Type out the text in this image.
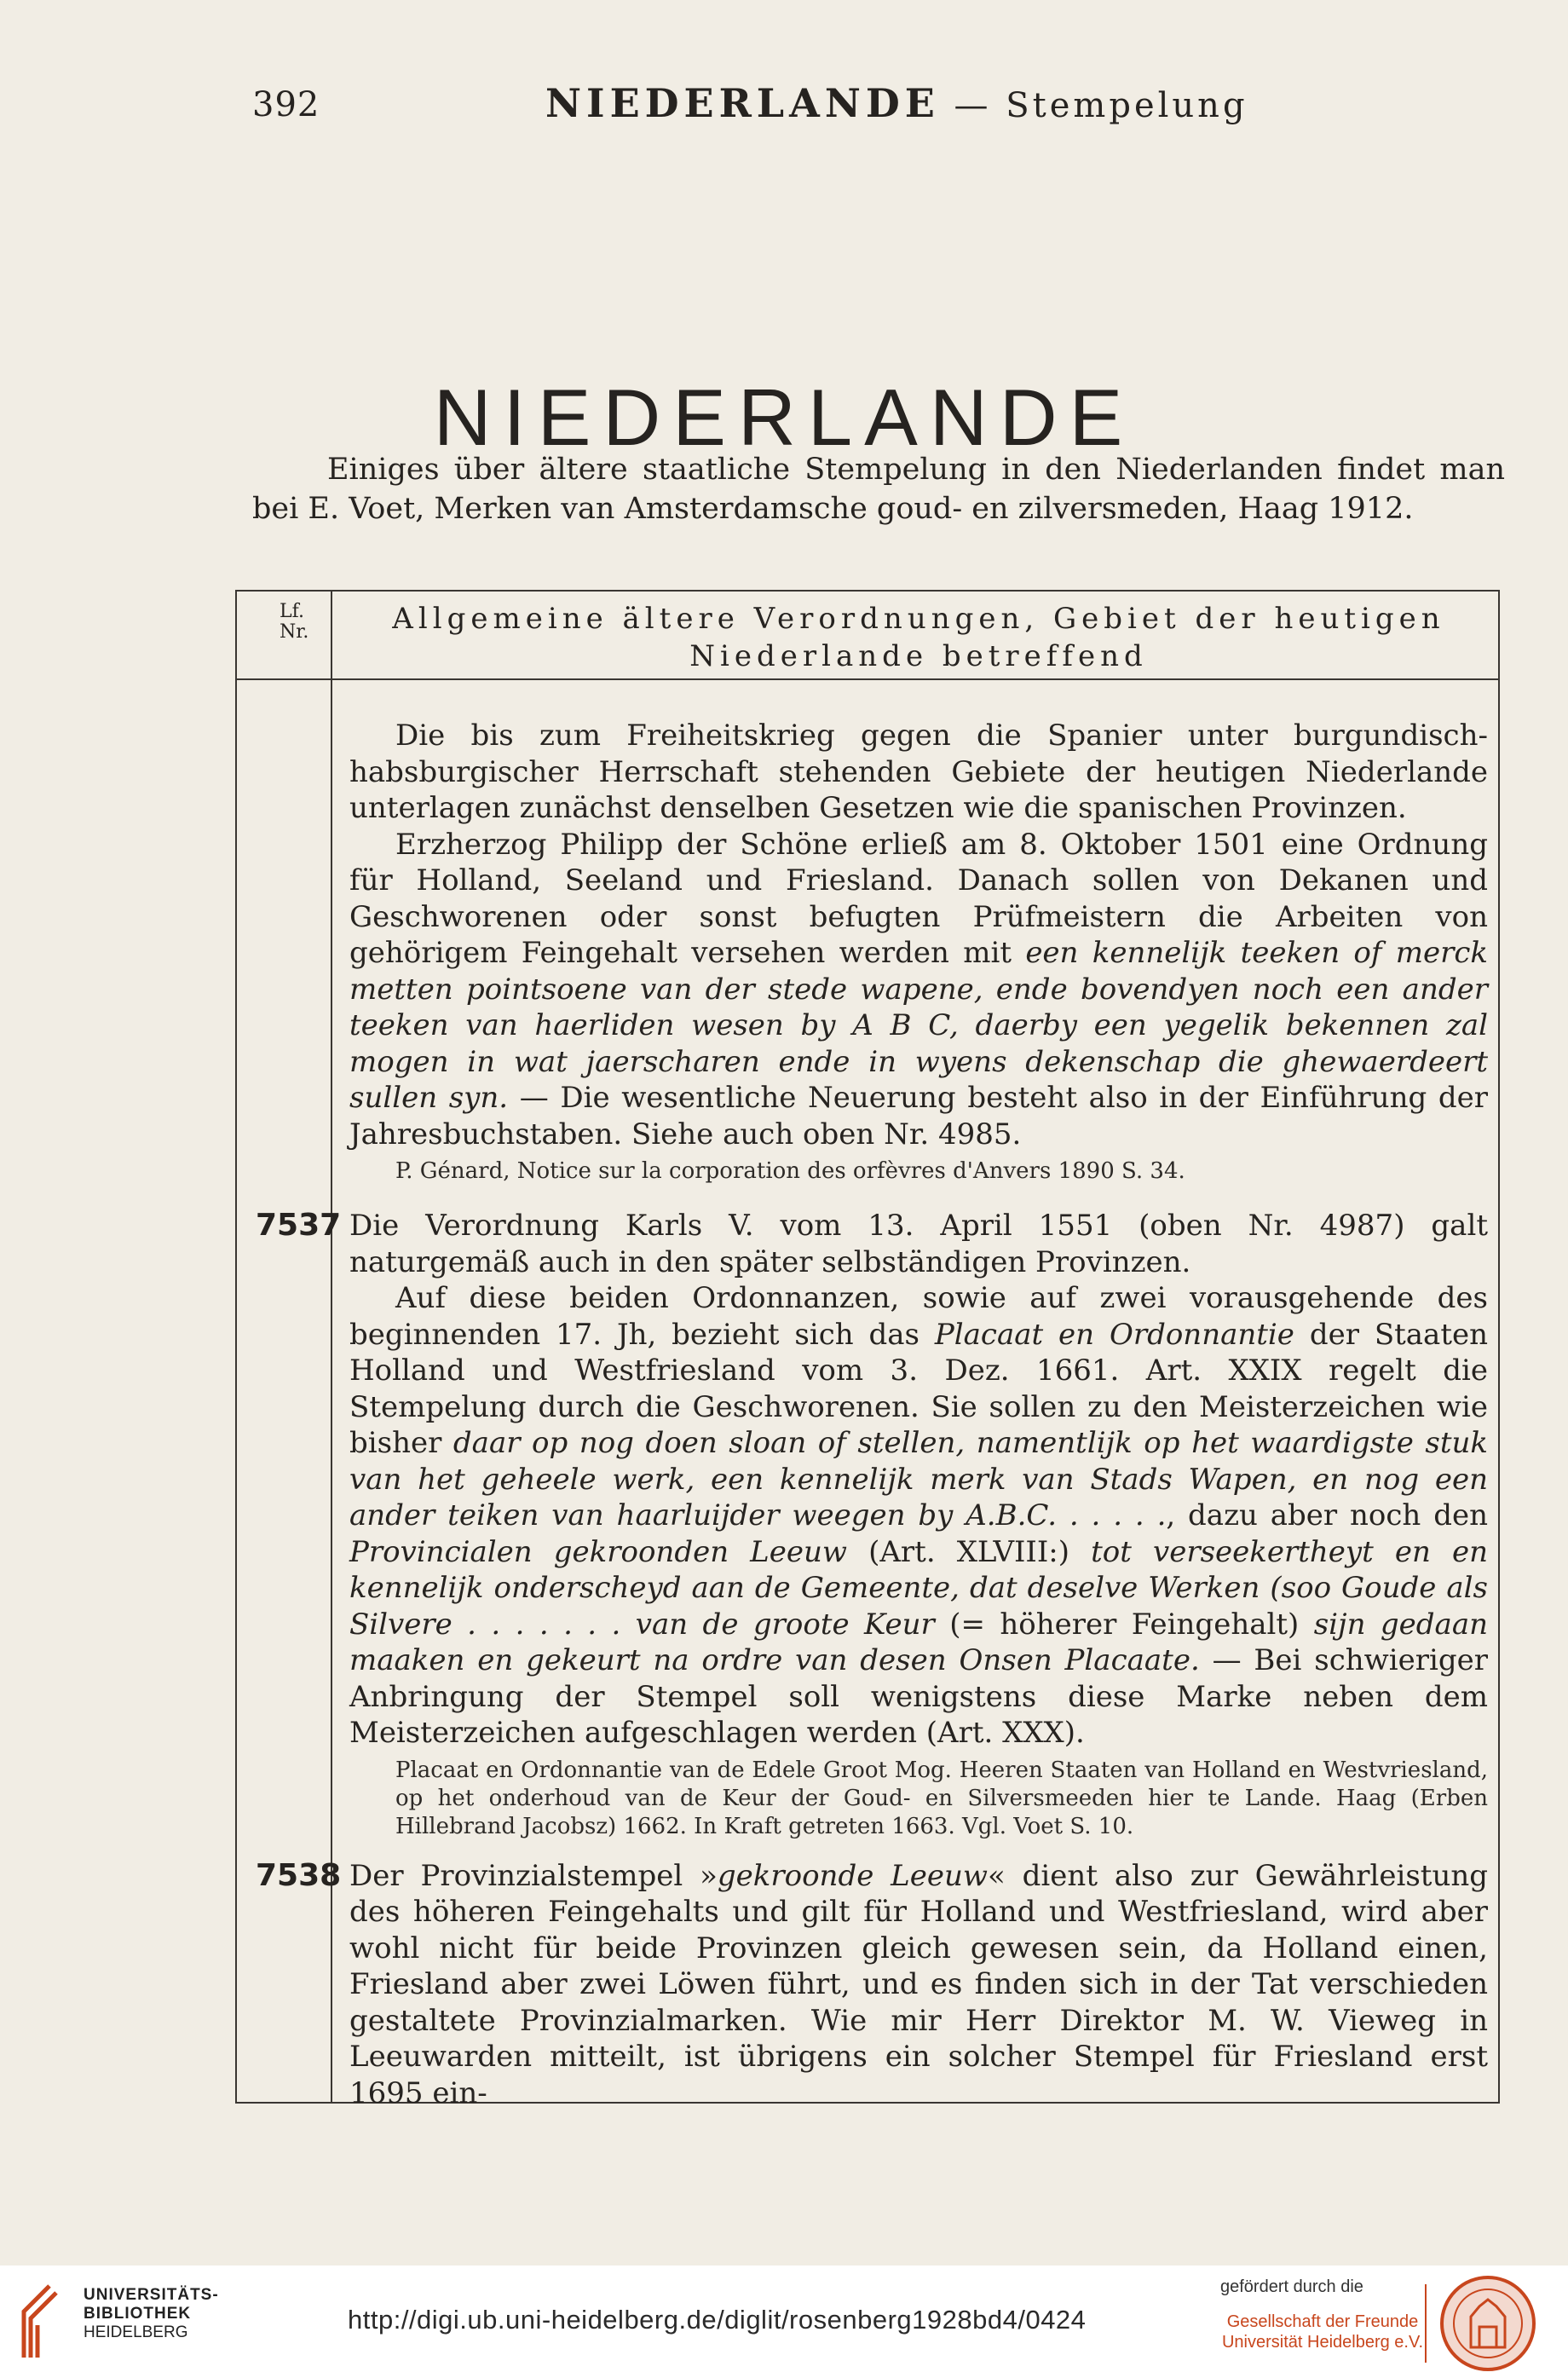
392	NIEDERLANDE — Stempelung
NIEDERLANDE

Einiges über ältere staatliche Stempelung in den Niederlanden findet man bei E. Voet, Merken van Amsterdamsche goud- en zilversmeden, Haag 1912.

Lf.
Nr.	Allgemeine ältere Verordnungen, Gebiet der heutigen
Niederlande betreffend

Die bis zum Freiheitskrieg gegen die Spanier unter burgundisch-habsburgischer Herrschaft stehenden Gebiete der heutigen Niederlande unterlagen zunächst denselben Gesetzen wie die spanischen Provinzen.

Erzherzog Philipp der Schöne erließ am 8. Oktober 1501 eine Ordnung für Holland, Seeland und Friesland. Danach sollen von Dekanen und Geschworenen oder sonst befugten Prüfmeistern die Arbeiten von gehörigem Feingehalt versehen werden mit een kennelijk teeken of merck metten pointsoene van der stede wapene, ende bovendyen noch een ander teeken van haerliden wesen by A B C, daerby een yegelik bekennen zal mogen in wat jaerscharen ende in wyens dekenschap die ghewaerdeert sullen syn. — Die wesentliche Neuerung besteht also in der Einführung der Jahresbuchstaben. Siehe auch oben Nr. 4985.

P. Génard, Notice sur la corporation des orfèvres d'Anvers 1890 S. 34.

7537 Die Verordnung Karls V. vom 13. April 1551 (oben Nr. 4987) galt naturgemäß auch in den später selbständigen Provinzen.

Auf diese beiden Ordonnanzen, sowie auf zwei vorausgehende des beginnenden 17. Jh, bezieht sich das Placaat en Ordonnantie der Staaten Holland und Westfriesland vom 3. Dez. 1661. Art. XXIX regelt die Stempelung durch die Geschworenen. Sie sollen zu den Meisterzeichen wie bisher daar op nog doen sloan of stellen, namentlijk op het waardigste stuk van het geheele werk, een kennelijk merk van Stads Wapen, en nog een ander teiken van haarluijder weegen by A.B.C. . . . . ., dazu aber noch den Provincialen gekroonden Leeuw (Art. XLVIII:) tot verseekertheyt en en kennelijk onderscheyd aan de Gemeente, dat deselve Werken (soo Goude als Silvere . . . . . . . van de groote Keur (= höherer Feingehalt) sijn gedaan maaken en gekeurt na ordre van desen Onsen Placaate. — Bei schwieriger Anbringung der Stempel soll wenigstens diese Marke neben dem Meisterzeichen aufgeschlagen werden (Art. XXX).

Placaat en Ordonnantie van de Edele Groot Mog. Heeren Staaten van Holland en Westvriesland, op het onderhoud van de Keur der Goud- en Silversmeeden hier te Lande. Haag (Erben Hillebrand Jacobsz) 1662. In Kraft getreten 1663. Vgl. Voet S. 10.

7538 Der Provinzialstempel »gekroonde Leeuw« dient also zur Gewährleistung des höheren Feingehalts und gilt für Holland und Westfriesland, wird aber wohl nicht für beide Provinzen gleich gewesen sein, da Holland einen, Friesland aber zwei Löwen führt, und es finden sich in der Tat verschieden gestaltete Provinzialmarken. Wie mir Herr Direktor M. W. Vieweg in Leeuwarden mitteilt, ist übrigens ein solcher Stempel für Friesland erst 1695 ein-

UNIVERSITÄTS-
BIBLIOTHEK
HEIDELBERG	http://digi.ub.uni-heidelberg.de/diglit/rosenberg1928bd4/0424
gefördert durch die
Gesellschaft der Freunde
Universität Heidelberg e.V.
